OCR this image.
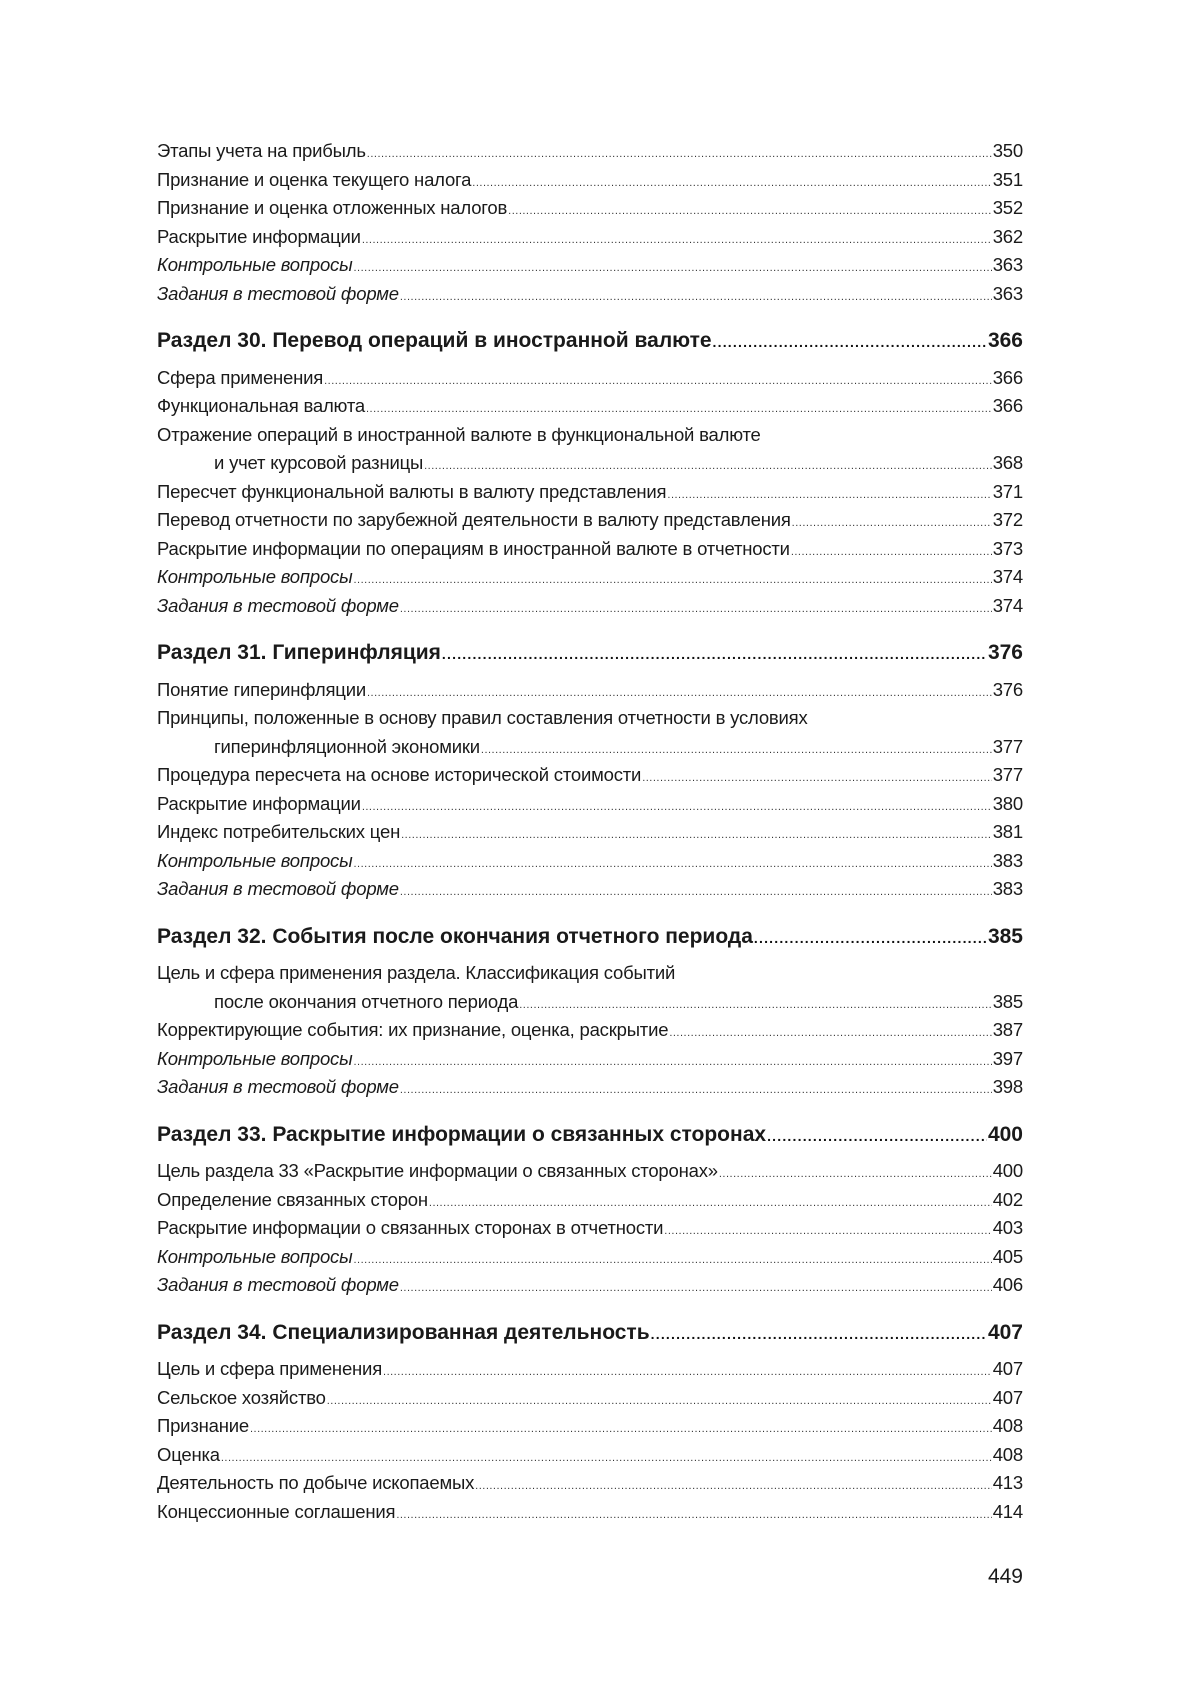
Этапы учета на прибыль .....	350
Признание и оценка текущего налога .....	351
Признание и оценка отложенных налогов .....	352
Раскрытие информации .....	362
Контрольные вопросы .....	363
Задания в тестовой форме .....	363
Раздел 30. Перевод операций в иностранной валюте .....	366
Сфера применения .....	366
Функциональная валюта .....	366
Отражение операций в иностранной валюте в функциональной валюте
и учет курсовой разницы .....	368
Пересчет функциональной валюты в валюту представления .....	371
Перевод отчетности по зарубежной деятельности в валюту представления .....	372
Раскрытие информации по операциям в иностранной валюте в отчетности .....	373
Контрольные вопросы .....	374
Задания в тестовой форме .....	374
Раздел 31. Гиперинфляция .....	376
Понятие гиперинфляции .....	376
Принципы, положенные в основу правил составления отчетности в условиях
гиперинфляционной экономики .....	377
Процедура пересчета на основе исторической стоимости .....	377
Раскрытие информации .....	380
Индекс потребительских цен .....	381
Контрольные вопросы .....	383
Задания в тестовой форме .....	383
Раздел 32. События после окончания отчетного периода .....	385
Цель и сфера применения раздела. Классификация событий
после окончания отчетного периода .....	385
Корректирующие события: их признание, оценка, раскрытие .....	387
Контрольные вопросы .....	397
Задания в тестовой форме .....	398
Раздел 33. Раскрытие информации о связанных сторонах .....	400
Цель раздела 33 «Раскрытие информации о связанных сторонах» .....	400
Определение связанных сторон .....	402
Раскрытие информации о связанных сторонах в отчетности .....	403
Контрольные вопросы .....	405
Задания в тестовой форме .....	406
Раздел 34. Специализированная деятельность .....	407
Цель и сфера применения .....	407
Сельское хозяйство .....	407
Признание .....	408
Оценка .....	408
Деятельность по добыче ископаемых .....	413
Концессионные соглашения .....	414
449
